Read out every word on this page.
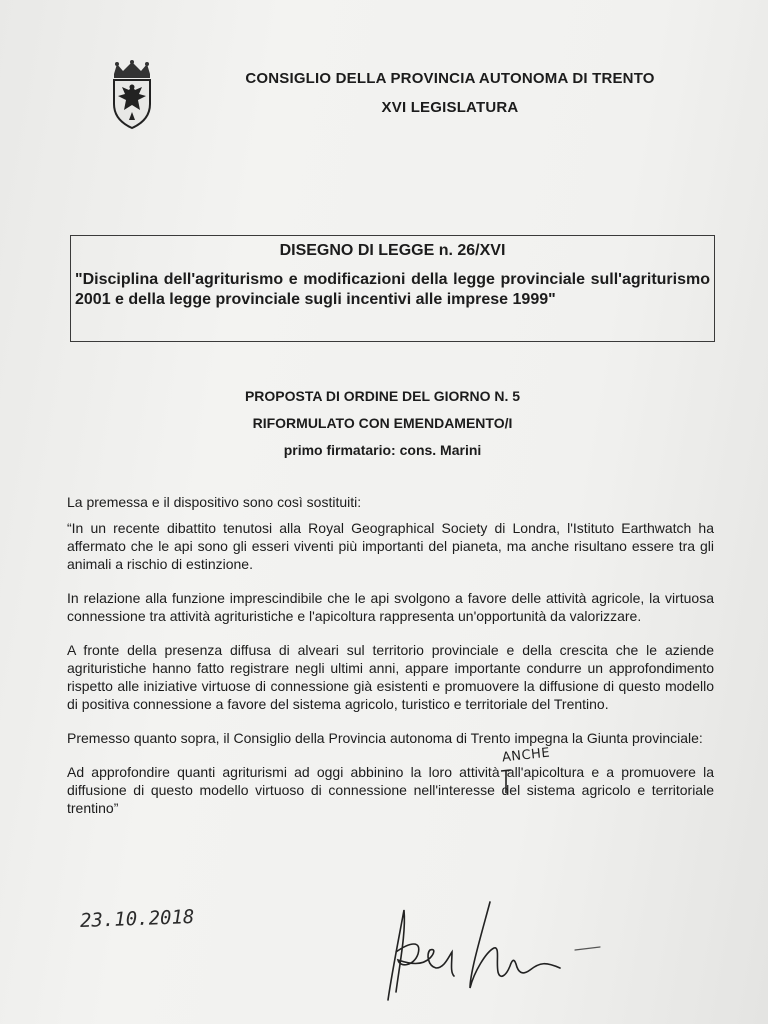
CONSIGLIO DELLA PROVINCIA AUTONOMA DI TRENTO
XVI LEGISLATURA
DISEGNO DI LEGGE n. 26/XVI
"Disciplina dell'agriturismo e modificazioni della legge provinciale sull'agriturismo 2001 e della legge provinciale sugli incentivi alle imprese 1999"
PROPOSTA DI ORDINE DEL GIORNO N. 5
RIFORMULATO CON EMENDAMENTO/I
primo firmatario: cons. Marini

La premessa e il dispositivo sono così sostituiti:

“In un recente dibattito tenutosi alla Royal Geographical Society di Londra, l'Istituto Earthwatch ha affermato che le api sono gli esseri viventi più importanti del pianeta, ma anche risultano essere tra gli animali a rischio di estinzione.

In relazione alla funzione imprescindibile che le api svolgono a favore delle attività agricole, la virtuosa connessione tra attività agrituristiche e l'apicoltura rappresenta un'opportunità da valorizzare.

A fronte della presenza diffusa di alveari sul territorio provinciale e della crescita che le aziende agrituristiche hanno fatto registrare negli ultimi anni, appare importante condurre un approfondimento rispetto alle iniziative virtuose di connessione già esistenti e promuovere la diffusione di questo modello di positiva connessione a favore del sistema agricolo, turistico e territoriale del Trentino.

Premesso quanto sopra, il Consiglio della Provincia autonoma di Trento impegna la Giunta provinciale:

Ad approfondire quanti agriturismi ad oggi abbinino la loro attività
ANCHE
all'apicoltura e a promuovere la diffusione di questo modello virtuoso di connessione nell'interesse del sistema agricolo e territoriale trentino”

23.10.2018
